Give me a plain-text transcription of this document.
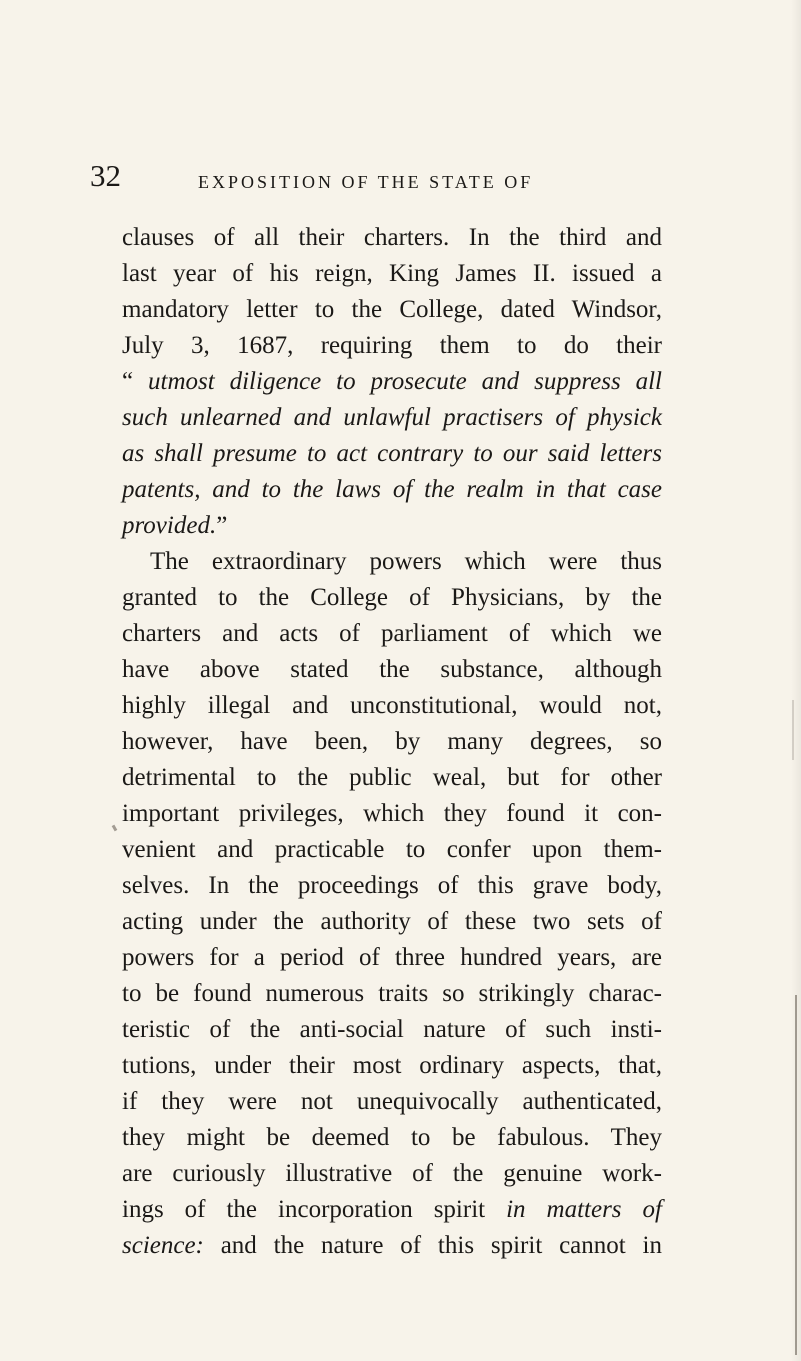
32	EXPOSITION OF THE STATE OF
clauses of all their charters. In the third and
last year of his reign, King James II. issued a
mandatory letter to the College, dated Windsor,
July 3, 1687, requiring them to do their
“ utmost diligence to prosecute and suppress all
such unlearned and unlawful practisers of physick
as shall presume to act contrary to our said letters
patents, and to the laws of the realm in that case
provided.”
The extraordinary powers which were thus
granted to the College of Physicians, by the
charters and acts of parliament of which we
have above stated the substance, although
highly illegal and unconstitutional, would not,
however, have been, by many degrees, so
detrimental to the public weal, but for other
important privileges, which they found it con-
venient and practicable to confer upon them-
selves. In the proceedings of this grave body,
acting under the authority of these two sets of
powers for a period of three hundred years, are
to be found numerous traits so strikingly charac-
teristic of the anti-social nature of such insti-
tutions, under their most ordinary aspects, that,
if they were not unequivocally authenticated,
they might be deemed to be fabulous. They
are curiously illustrative of the genuine work-
ings of the incorporation spirit in matters of
science: and the nature of this spirit cannot in
